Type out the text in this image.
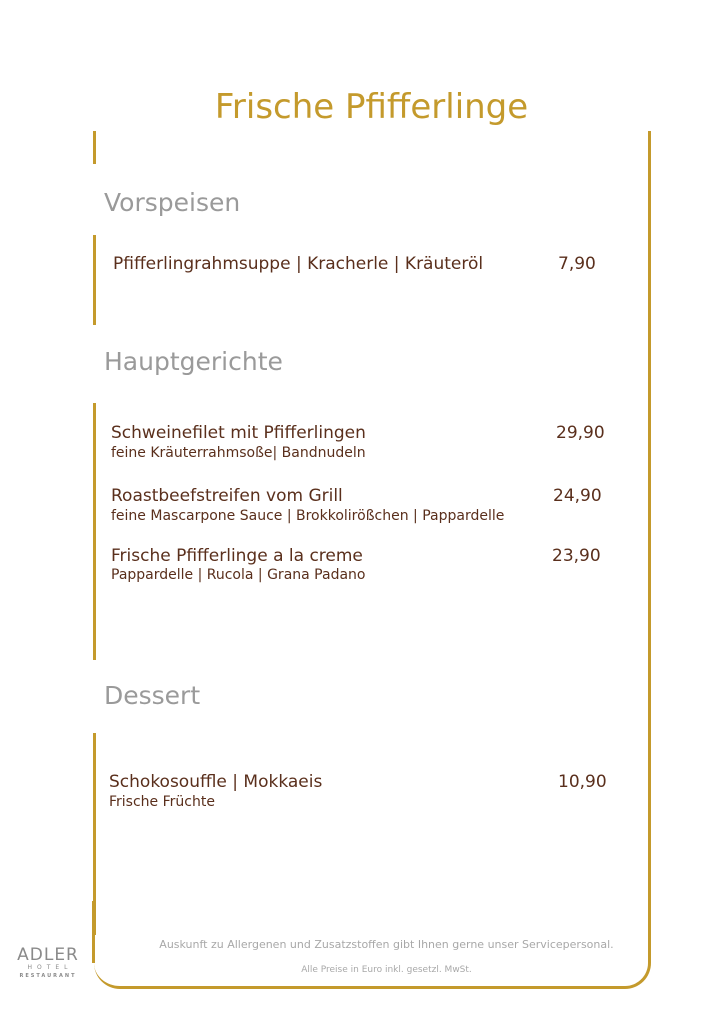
Frische Pfifferlinge
Vorspeisen
Pfifferlingrahmsuppe | Kracherle | Kräuteröl	7,90
Hauptgerichte
Schweinefilet mit Pfifferlingen	29,90
feine Kräuterrahmsoße| Bandnudeln
Roastbeefstreifen vom Grill	24,90
feine Mascarpone Sauce | Brokkolirößchen | Pappardelle
Frische Pfifferlinge a la creme	23,90
Pappardelle | Rucola | Grana Padano
Dessert
Schokosouffle | Mokkaeis	10,90
Frische Früchte
Auskunft zu Allergenen und Zusatzstoffen gibt Ihnen gerne unser Servicepersonal.
Alle Preise in Euro inkl. gesetzl. MwSt.
ADLER
HOTEL
RESTAURANT
